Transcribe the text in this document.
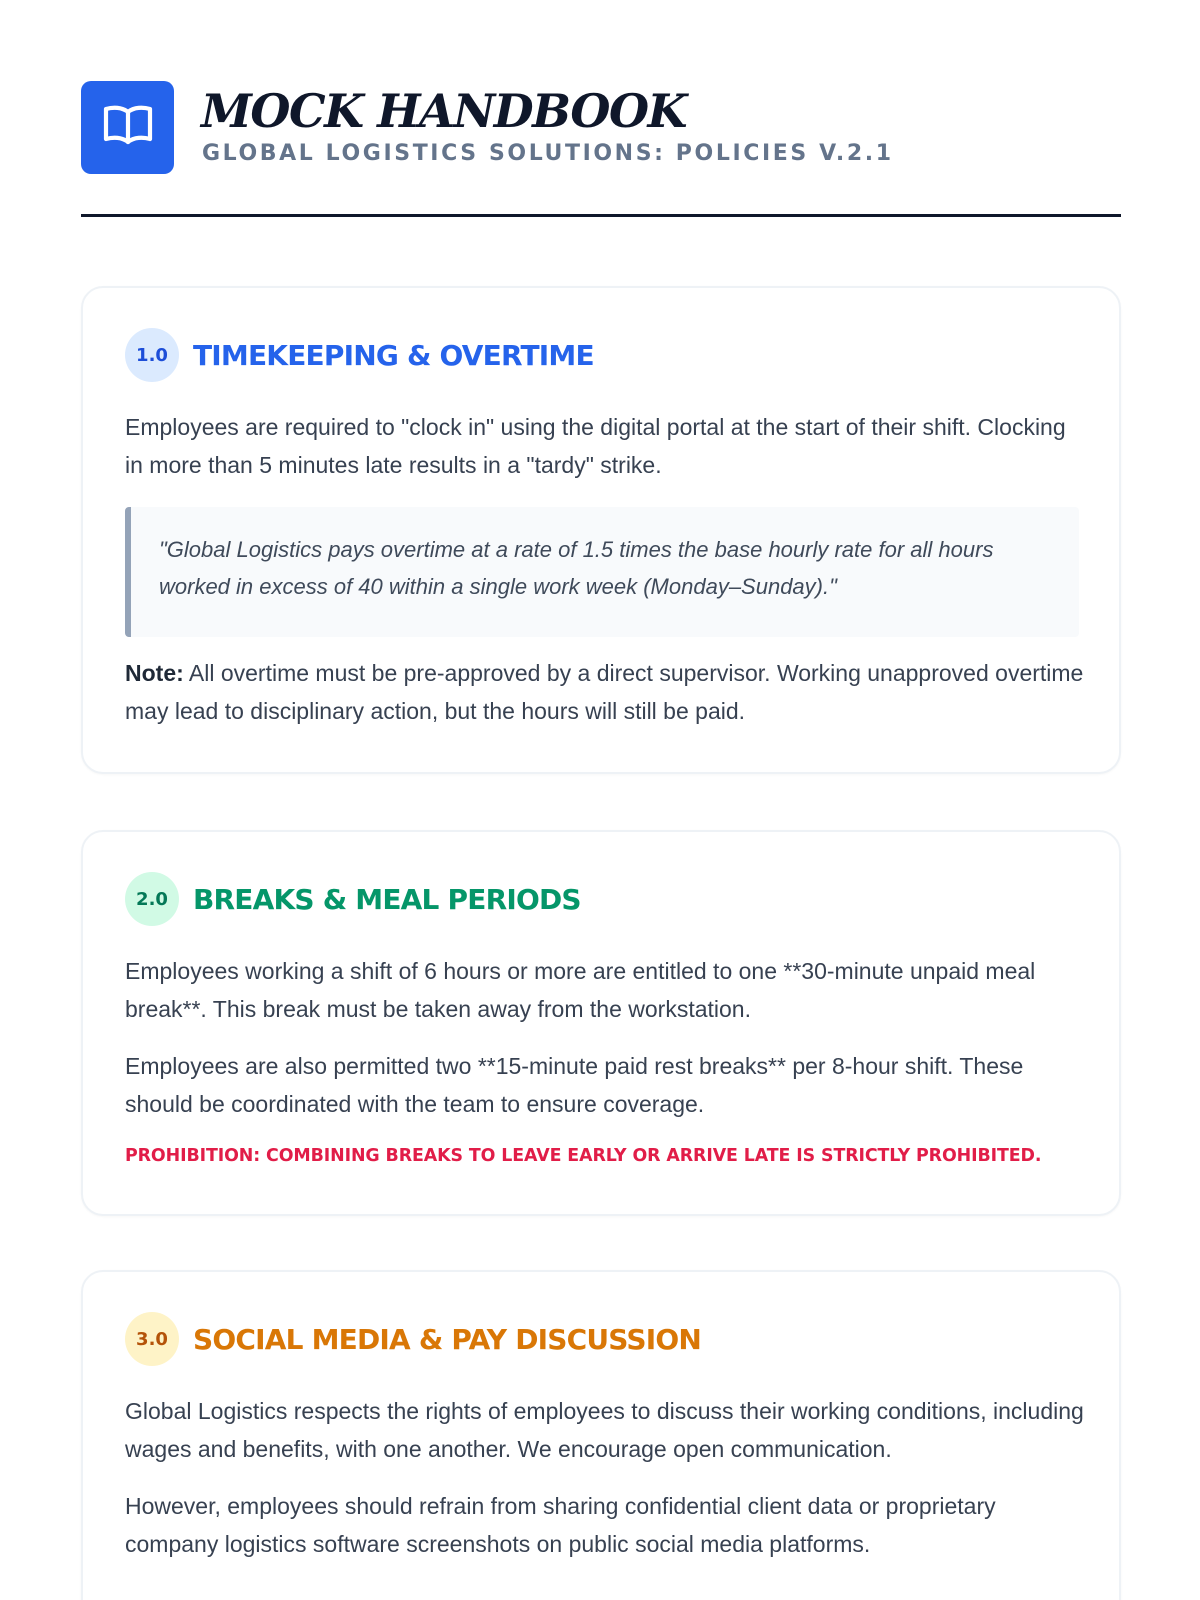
MOCK HANDBOOK
GLOBAL LOGISTICS SOLUTIONS: POLICIES V.2.1
1.0 TIMEKEEPING & OVERTIME

Employees are required to "clock in" using the digital portal at the start of their shift. Clocking in more than 5 minutes late results in a "tardy" strike.

"Global Logistics pays overtime at a rate of 1.5 times the base hourly rate for all hours worked in excess of 40 within a single work week (Monday–Sunday)."

Note: All overtime must be pre-approved by a direct supervisor. Working unapproved overtime may lead to disciplinary action, but the hours will still be paid.

2.0 BREAKS & MEAL PERIODS

Employees working a shift of 6 hours or more are entitled to one **30-minute unpaid meal break**. This break must be taken away from the workstation.

Employees are also permitted two **15-minute paid rest breaks** per 8-hour shift. These should be coordinated with the team to ensure coverage.

PROHIBITION: COMBINING BREAKS TO LEAVE EARLY OR ARRIVE LATE IS STRICTLY PROHIBITED.
3.0 SOCIAL MEDIA & PAY DISCUSSION

Global Logistics respects the rights of employees to discuss their working conditions, including wages and benefits, with one another. We encourage open communication.

However, employees should refrain from sharing confidential client data or proprietary company logistics software screenshots on public social media platforms.
